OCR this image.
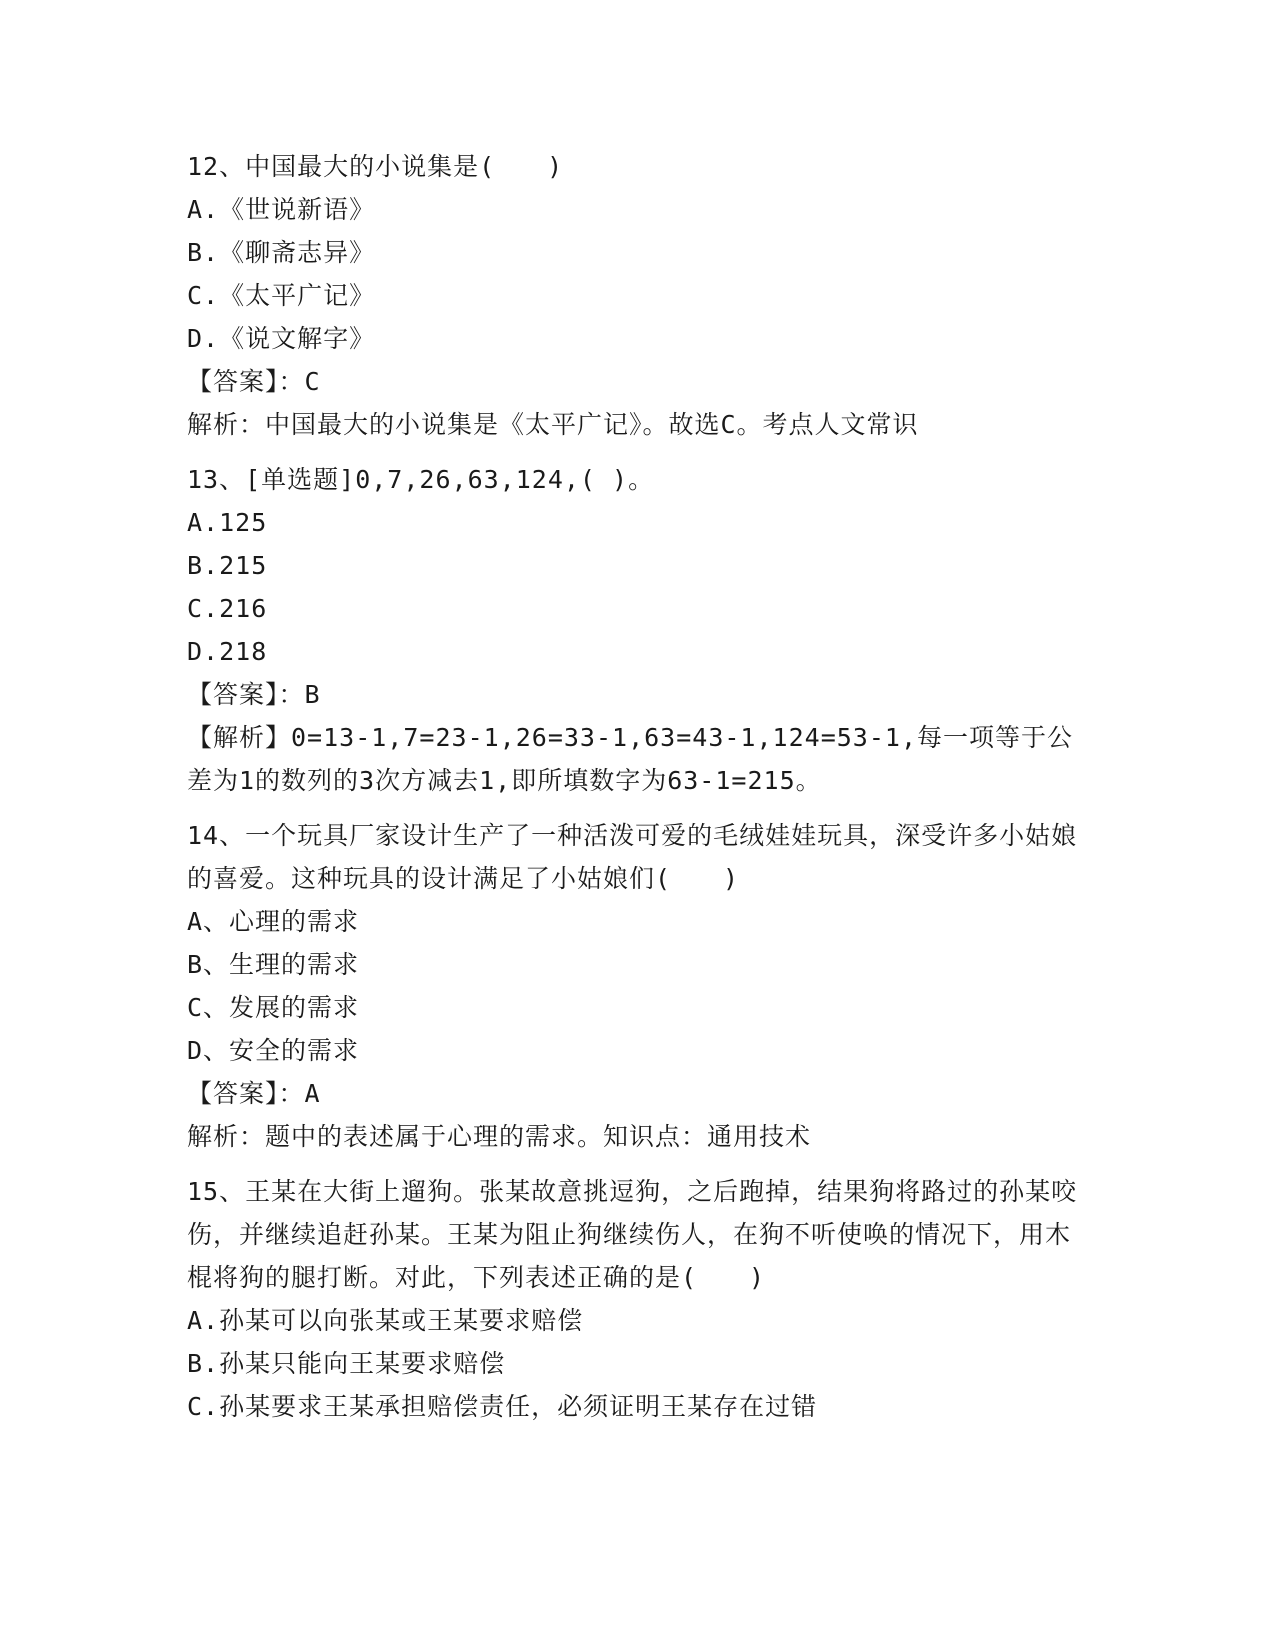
12、中国最大的小说集是(　　)
A.《世说新语》
B.《聊斋志异》
C.《太平广记》
D.《说文解字》
【答案】：C
解析：中国最大的小说集是《太平广记》。故选C。考点人文常识
13、[单选题]0,7,26,63,124,( )。
A.125
B.215
C.216
D.218
【答案】：B
【解析】0=13-1,7=23-1,26=33-1,63=43-1,124=53-1,每一项等于公差为1的数列的3次方减去1,即所填数字为63-1=215。
14、一个玩具厂家设计生产了一种活泼可爱的毛绒娃娃玩具，深受许多小姑娘的喜爱。这种玩具的设计满足了小姑娘们(　　)
A、心理的需求
B、生理的需求
C、发展的需求
D、安全的需求
【答案】：A
解析：题中的表述属于心理的需求。知识点：通用技术
15、王某在大街上遛狗。张某故意挑逗狗，之后跑掉，结果狗将路过的孙某咬伤，并继续追赶孙某。王某为阻止狗继续伤人，在狗不听使唤的情况下，用木棍将狗的腿打断。对此，下列表述正确的是(　　)
A.孙某可以向张某或王某要求赔偿
B.孙某只能向王某要求赔偿
C.孙某要求王某承担赔偿责任，必须证明王某存在过错
